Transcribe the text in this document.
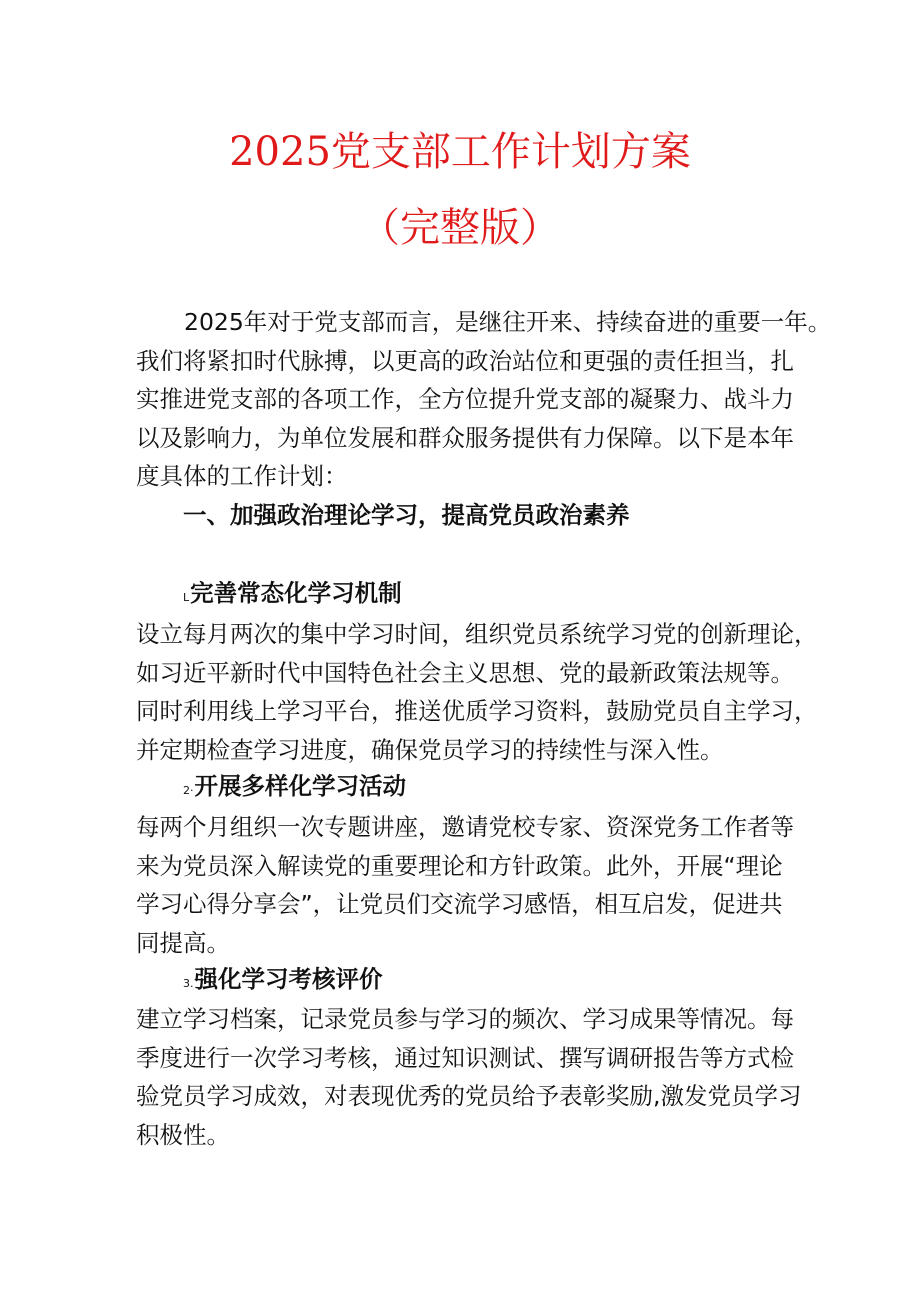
2025党支部工作计划方案
（完整版）
2025年对于党支部而言，是继往开来、持续奋进的重要一年。
我们将紧扣时代脉搏，以更高的政治站位和更强的责任担当，扎
实推进党支部的各项工作，全方位提升党支部的凝聚力、战斗力
以及影响力，为单位发展和群众服务提供有力保障。以下是本年
度具体的工作计划：
一、加强政治理论学习，提高党员政治素养
L完善常态化学习机制
设立每月两次的集中学习时间，组织党员系统学习党的创新理论，
如习近平新时代中国特色社会主义思想、党的最新政策法规等。
同时利用线上学习平台，推送优质学习资料，鼓励党员自主学习，
并定期检查学习进度，确保党员学习的持续性与深入性。
2·开展多样化学习活动
每两个月组织一次专题讲座，邀请党校专家、资深党务工作者等
来为党员深入解读党的重要理论和方针政策。此外，开展“理论
学习心得分享会”，让党员们交流学习感悟，相互启发，促进共
同提高。
3.强化学习考核评价
建立学习档案，记录党员参与学习的频次、学习成果等情况。每
季度进行一次学习考核，通过知识测试、撰写调研报告等方式检
验党员学习成效，对表现优秀的党员给予表彰奖励,激发党员学习
积极性。
